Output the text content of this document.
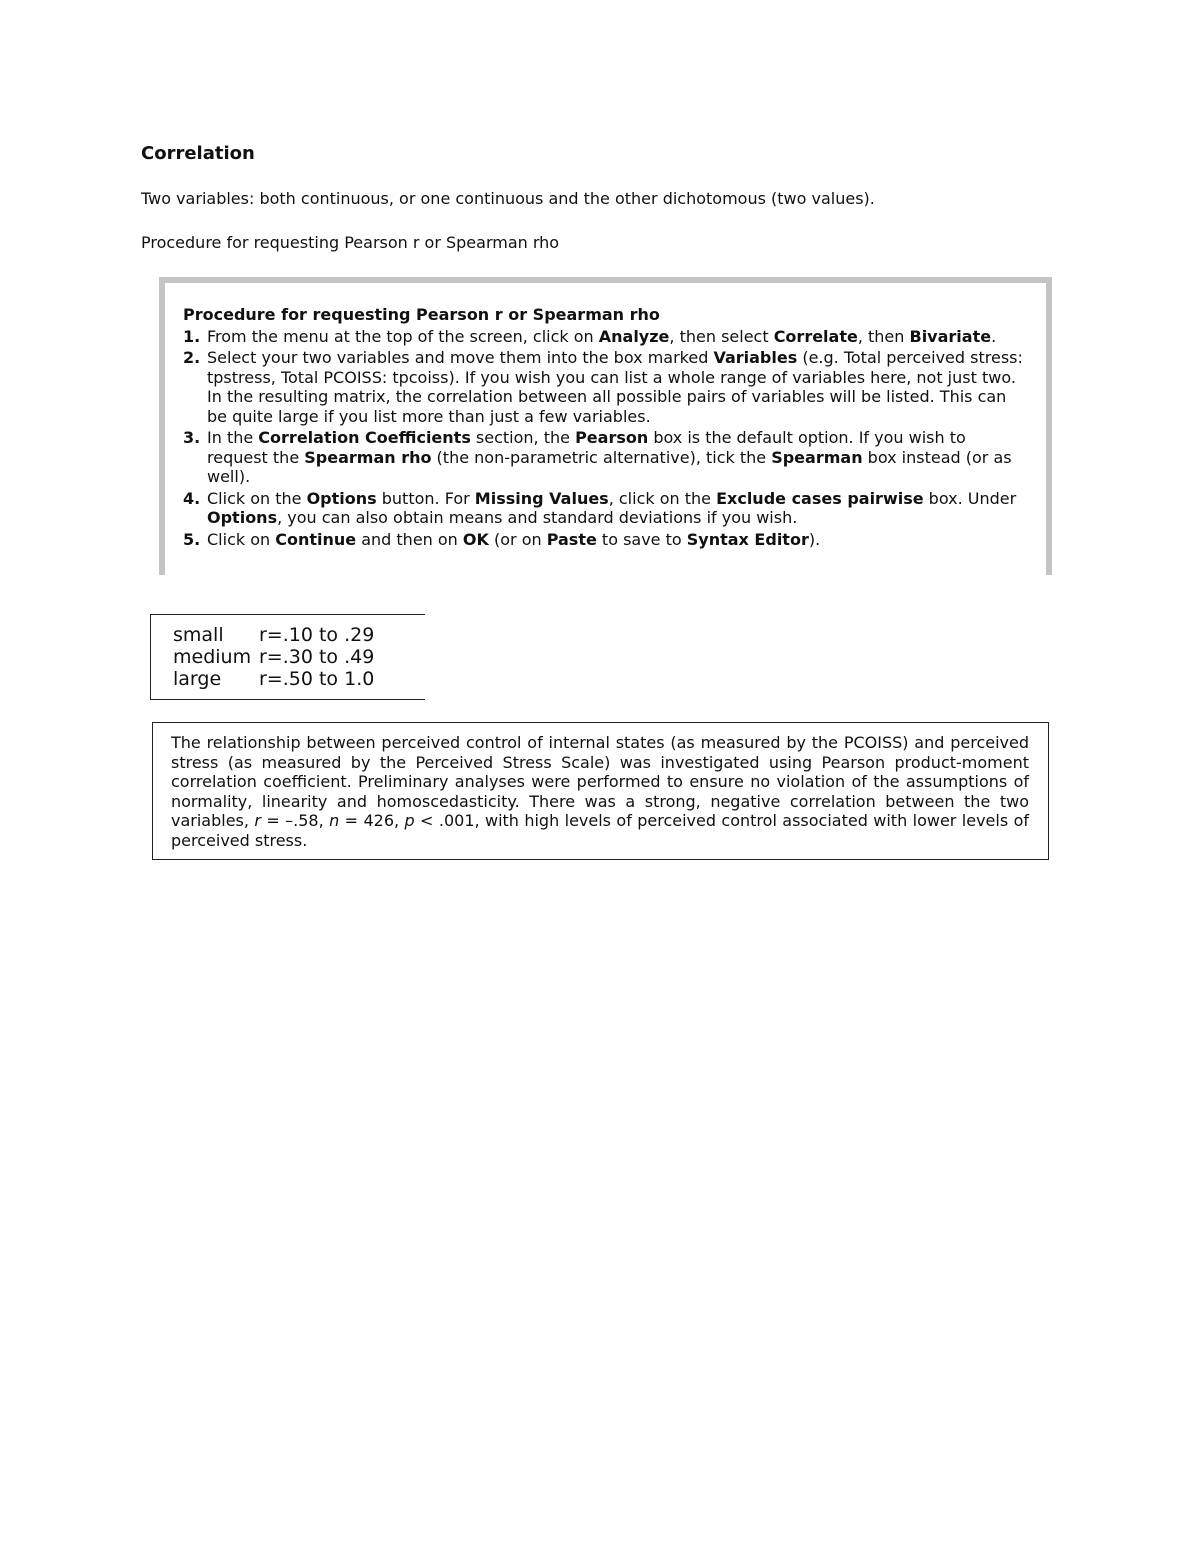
Correlation
Two variables: both continuous, or one continuous and the other dichotomous (two values).
Procedure for requesting Pearson r or Spearman rho
Procedure for requesting Pearson r or Spearman rho
1. From the menu at the top of the screen, click on Analyze, then select Correlate, then Bivariate.
2. Select your two variables and move them into the box marked Variables (e.g. Total perceived stress: tpstress, Total PCOISS: tpcoiss). If you wish you can list a whole range of variables here, not just two. In the resulting matrix, the correlation between all possible pairs of variables will be listed. This can be quite large if you list more than just a few variables.
3. In the Correlation Coefficients section, the Pearson box is the default option. If you wish to request the Spearman rho (the non-parametric alternative), tick the Spearman box instead (or as well).
4. Click on the Options button. For Missing Values, click on the Exclude cases pairwise box. Under Options, you can also obtain means and standard deviations if you wish.
5. Click on Continue and then on OK (or on Paste to save to Syntax Editor).
small r=.10 to .29
medium r=.30 to .49
large r=.50 to 1.0
The relationship between perceived control of internal states (as measured by the PCOISS) and perceived stress (as measured by the Perceived Stress Scale) was investigated using Pearson product-moment correlation coefficient. Preliminary analyses were performed to ensure no violation of the assumptions of normality, linearity and homoscedasticity. There was a strong, negative correlation between the two variables, r = –.58, n = 426, p < .001, with high levels of perceived control associated with lower levels of perceived stress.
